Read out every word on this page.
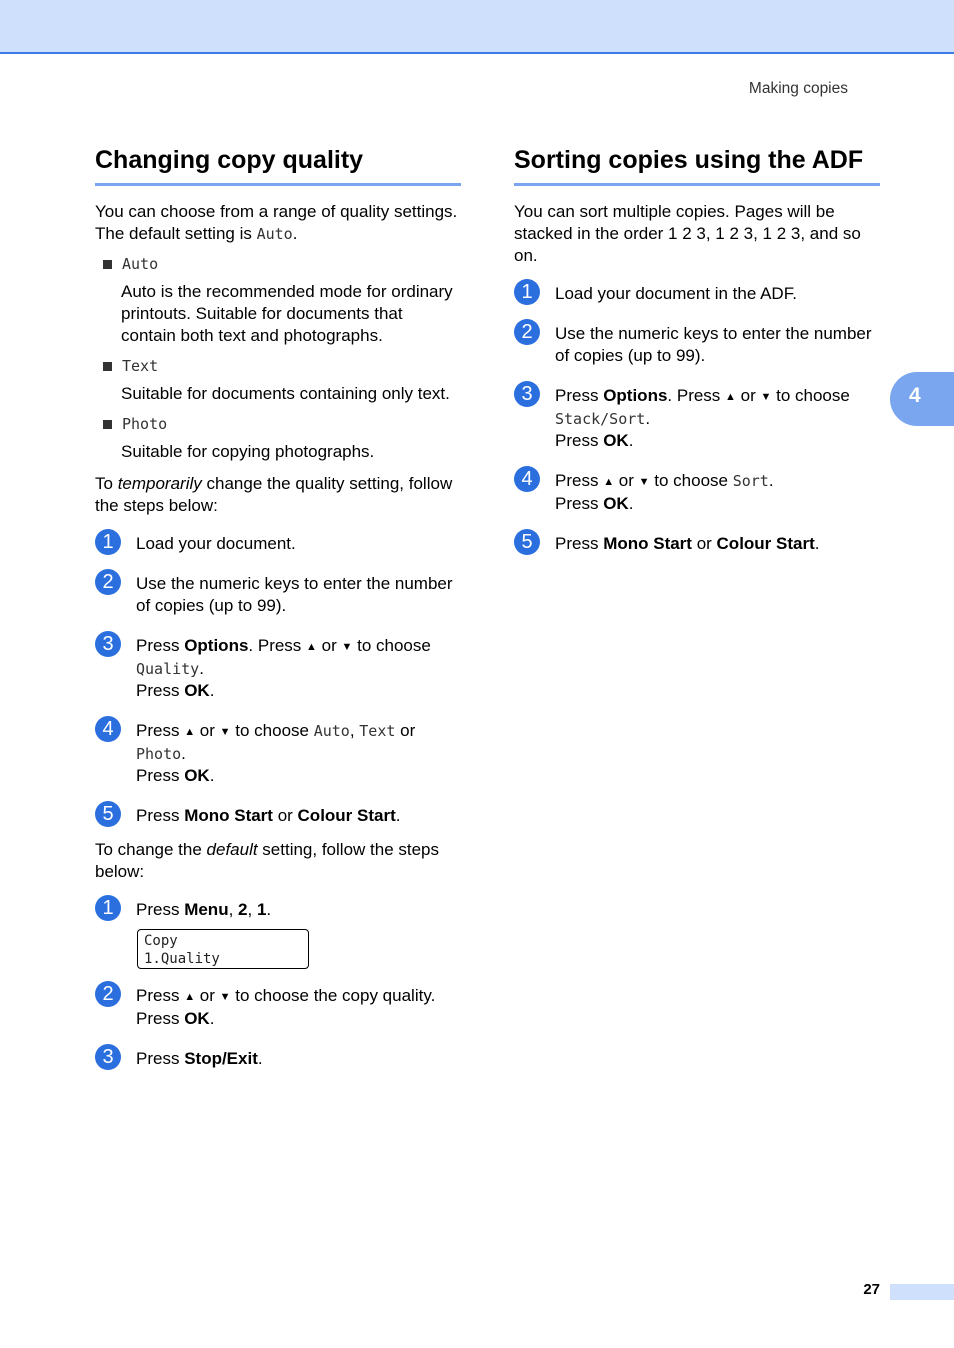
Making copies
Changing copy quality

You can choose from a range of quality settings. The default setting is Auto.

Auto

Auto is the recommended mode for ordinary printouts. Suitable for documents that contain both text and photographs.

Text

Suitable for documents containing only text.

Photo

Suitable for copying photographs.

To temporarily change the quality setting, follow the steps below:

1	Load your document.
2	Use the numeric keys to enter the number of copies (up to 99).
3	Press Options. Press ▲ or ▼ to choose Quality.
Press OK.
4	Press ▲ or ▼ to choose Auto, Text or Photo.
Press OK.
5	Press Mono Start or Colour Start.

To change the default setting, follow the steps below:

1	Press Menu, 2, 1.
Copy
1.Quality
2	Press ▲ or ▼ to choose the copy quality.
Press OK.
3	Press Stop/Exit.
Sorting copies using the ADF

You can sort multiple copies. Pages will be stacked in the order 1 2 3, 1 2 3, 1 2 3, and so on.

1	Load your document in the ADF.
2	Use the numeric keys to enter the number of copies (up to 99).
3	Press Options. Press ▲ or ▼ to choose
Stack/Sort.
Press OK.
4	Press ▲ or ▼ to choose Sort.
Press OK.
5	Press Mono Start or Colour Start.
4
27
